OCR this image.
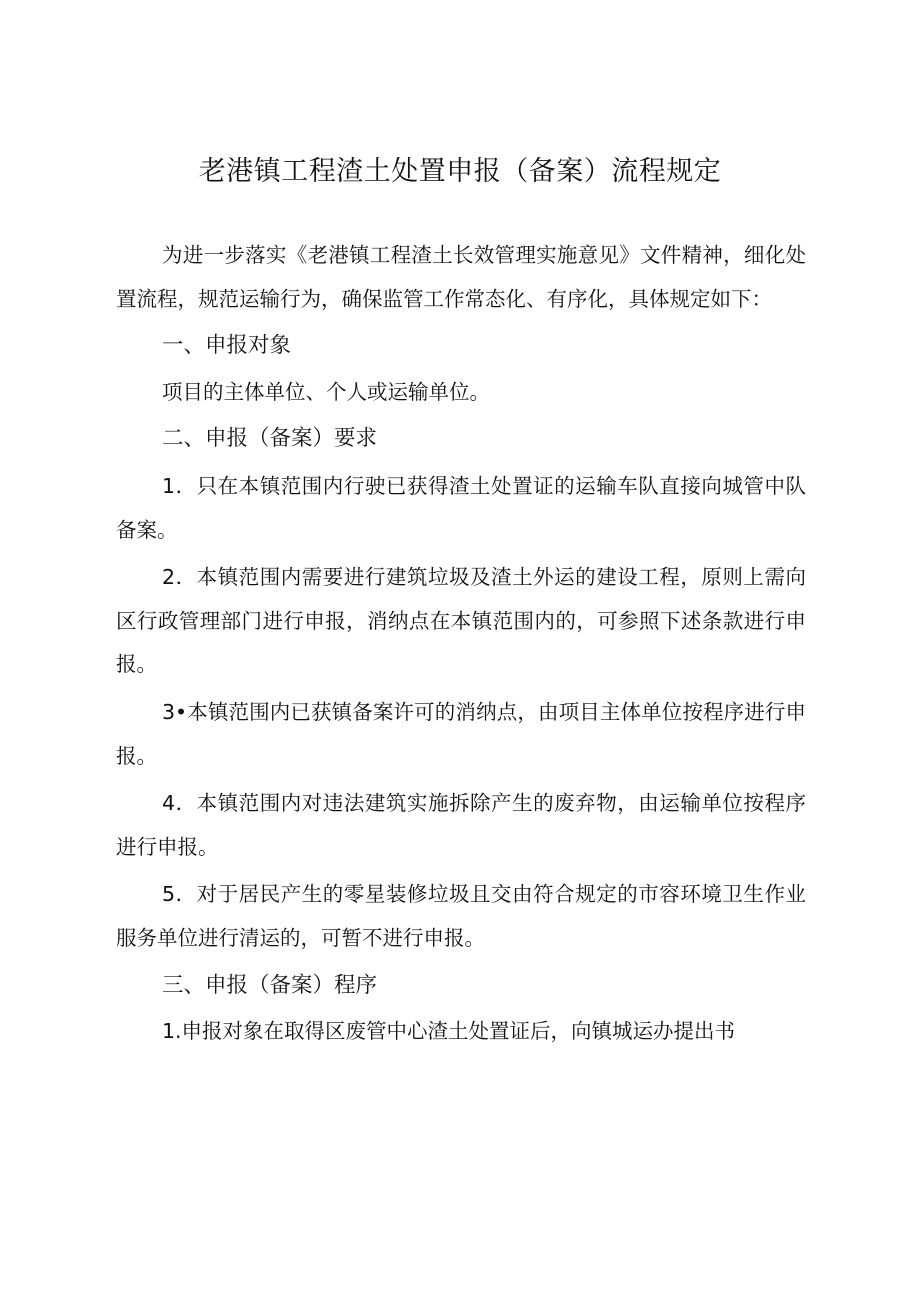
老港镇工程渣土处置申报（备案）流程规定

为进一步落实《老港镇工程渣土长效管理实施意见》文件精神，细化处置流程，规范运输行为，确保监管工作常态化、有序化，具体规定如下：

一、申报对象

项目的主体单位、个人或运输单位。

二、申报（备案）要求

1．只在本镇范围内行驶已获得渣土处置证的运输车队直接向城管中队备案。

2．本镇范围内需要进行建筑垃圾及渣土外运的建设工程，原则上需向区行政管理部门进行申报，消纳点在本镇范围内的，可参照下述条款进行申报。

3•本镇范围内已获镇备案许可的消纳点，由项目主体单位按程序进行申报。

4．本镇范围内对违法建筑实施拆除产生的废弃物，由运输单位按程序进行申报。

5．对于居民产生的零星装修垃圾且交由符合规定的市容环境卫生作业服务单位进行清运的，可暂不进行申报。

三、申报（备案）程序

1.申报对象在取得区废管中心渣土处置证后，向镇城运办提出书
